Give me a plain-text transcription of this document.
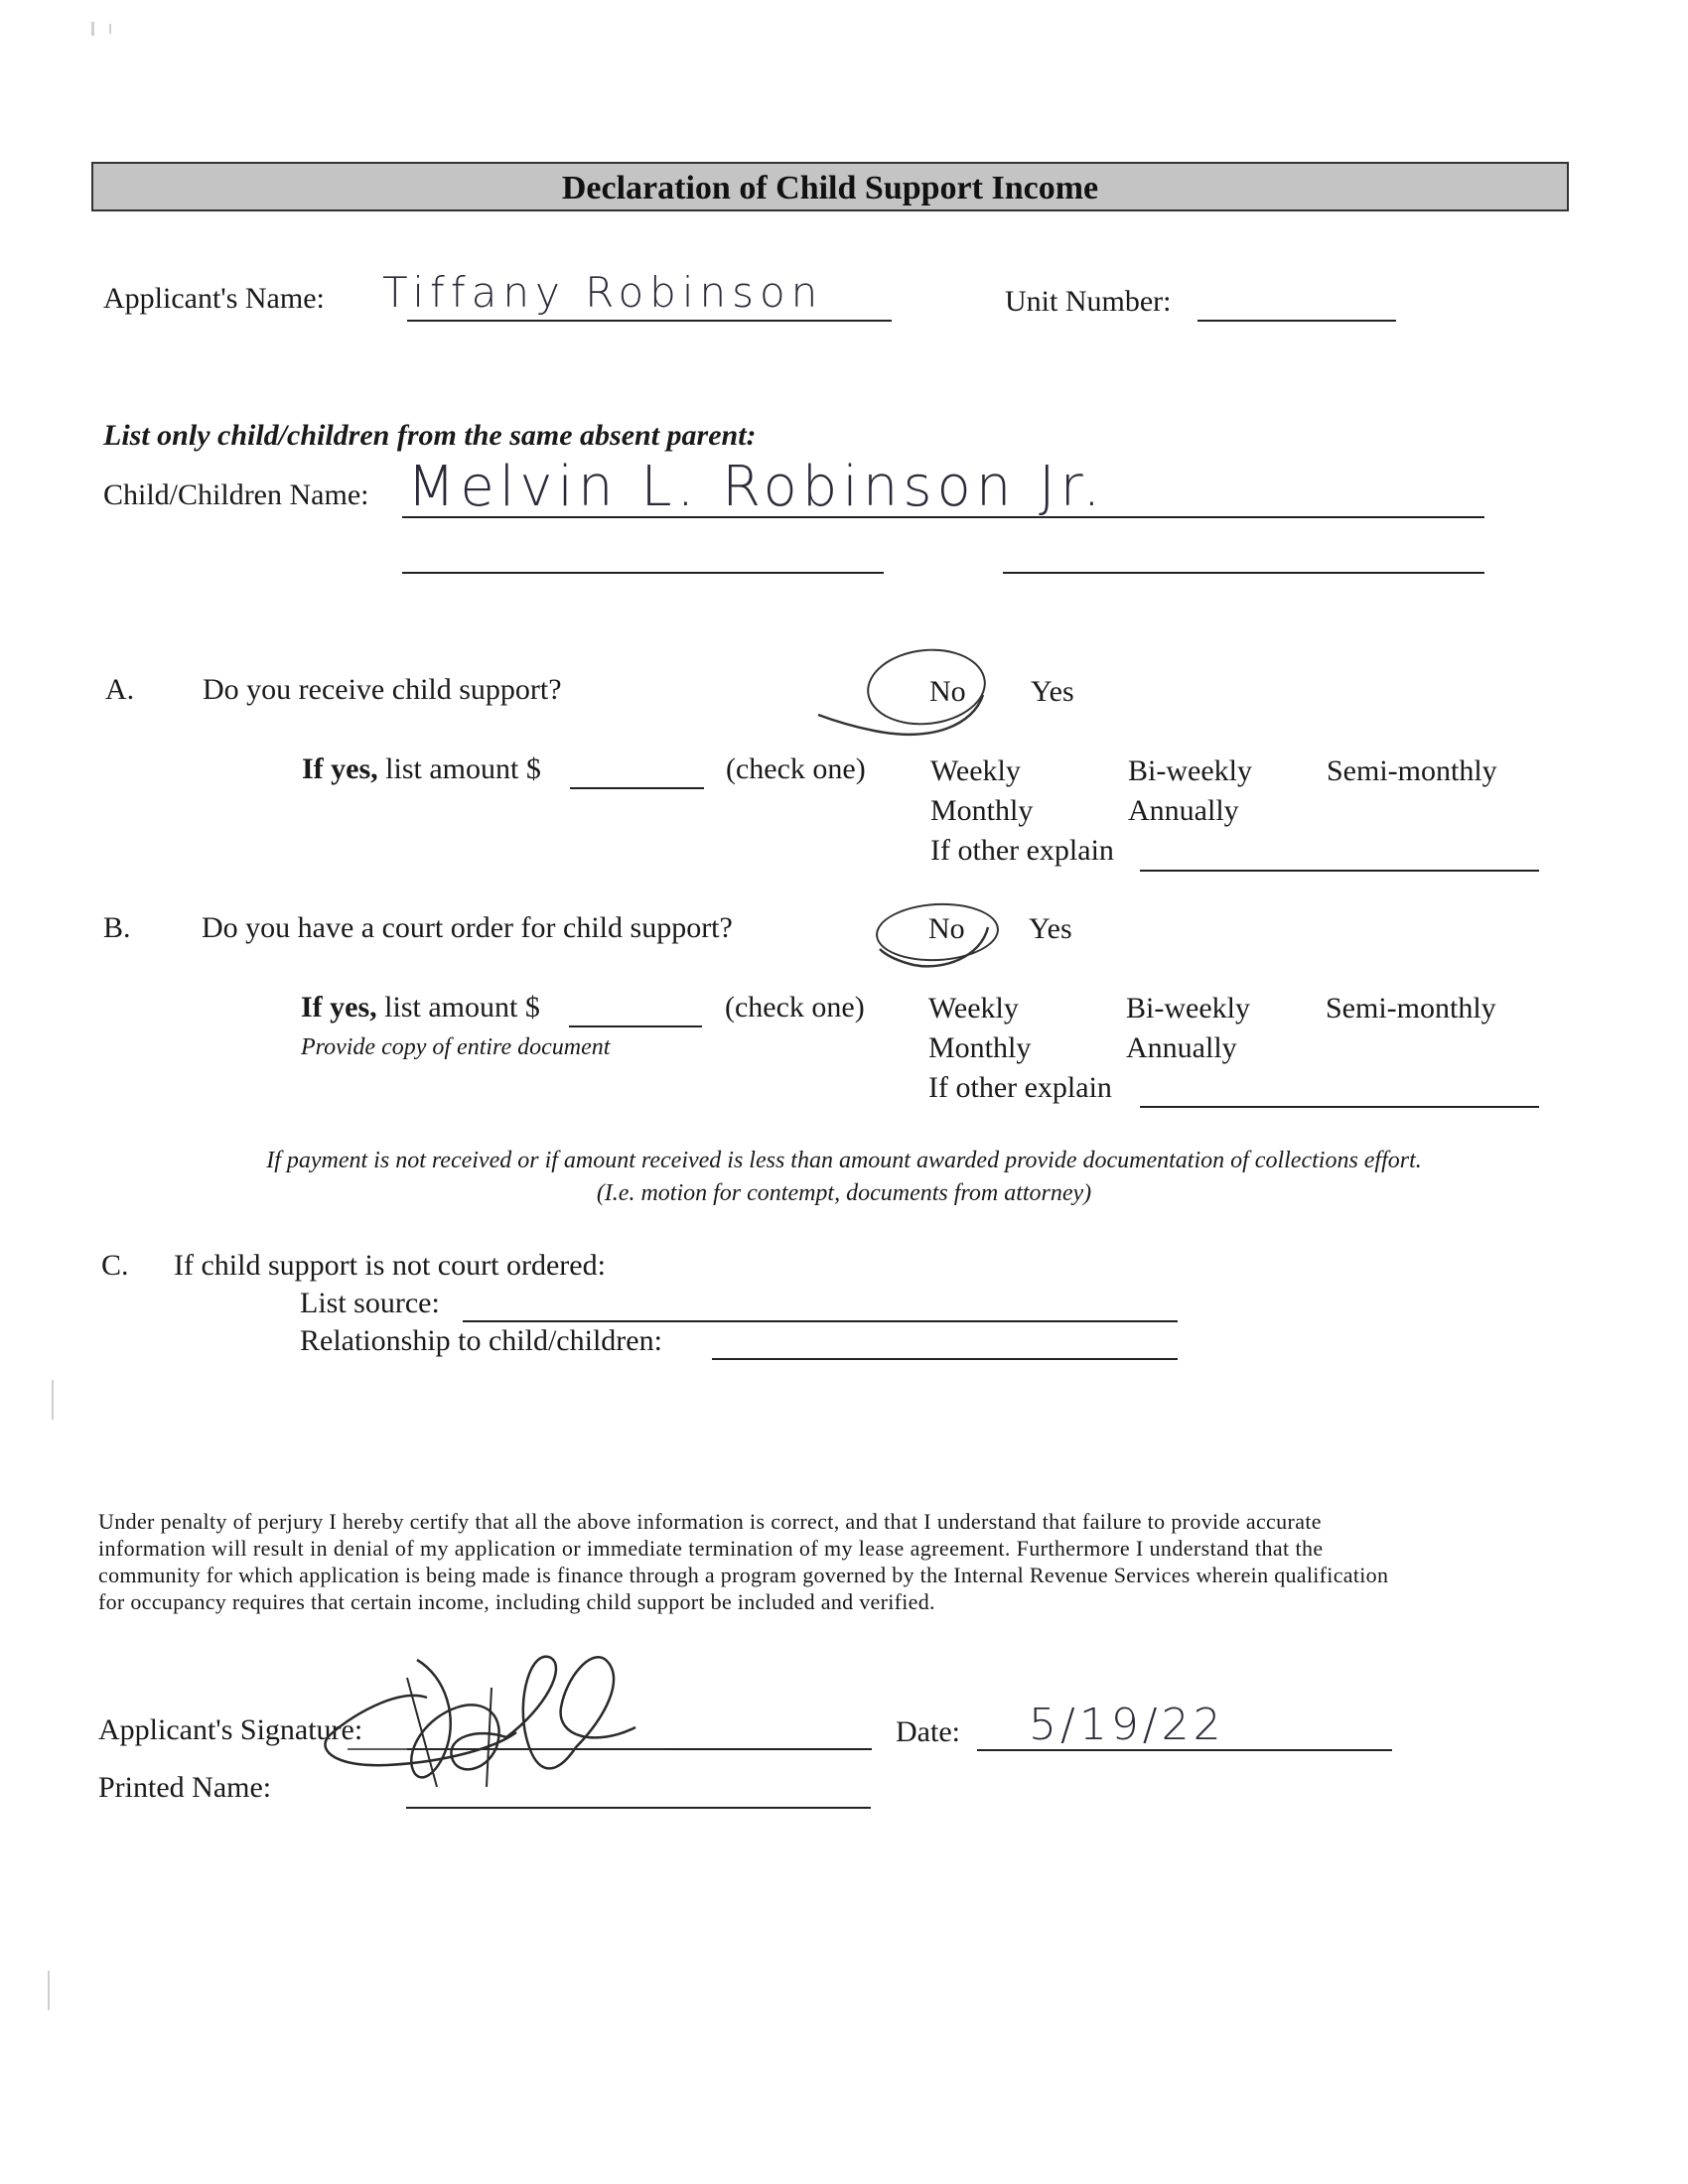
Declaration of Child Support Income
Applicant's Name: Tiffany Robinson	Unit Number:
List only child/children from the same absent parent:
Child/Children Name: Melvin L. Robinson Jr.
A. Do you receive child support?	No Yes
If yes, list amount $	(check one) Weekly	Bi-weekly	Semi-monthly
Monthly	Annually
If other explain
B. Do you have a court order for child support?	No Yes
If yes, list amount $
Provide copy of entire document
(check one) Weekly	Bi-weekly	Semi-monthly
Monthly	Annually
If other explain
If payment is not received or if amount received is less than amount awarded provide documentation of collections effort.
(I.e. motion for contempt, documents from attorney)
C. If child support is not court ordered:
List source:
Relationship to child/children:
Under penalty of perjury I hereby certify that all the above information is correct, and that I understand that failure to provide accurate
information will result in denial of my application or immediate termination of my lease agreement. Furthermore I understand that the
community for which application is being made is finance through a program governed by the Internal Revenue Services wherein qualification
for occupancy requires that certain income, including child support be included and verified.
Applicant's Signature:	Date: 5/19/22
Printed Name:
